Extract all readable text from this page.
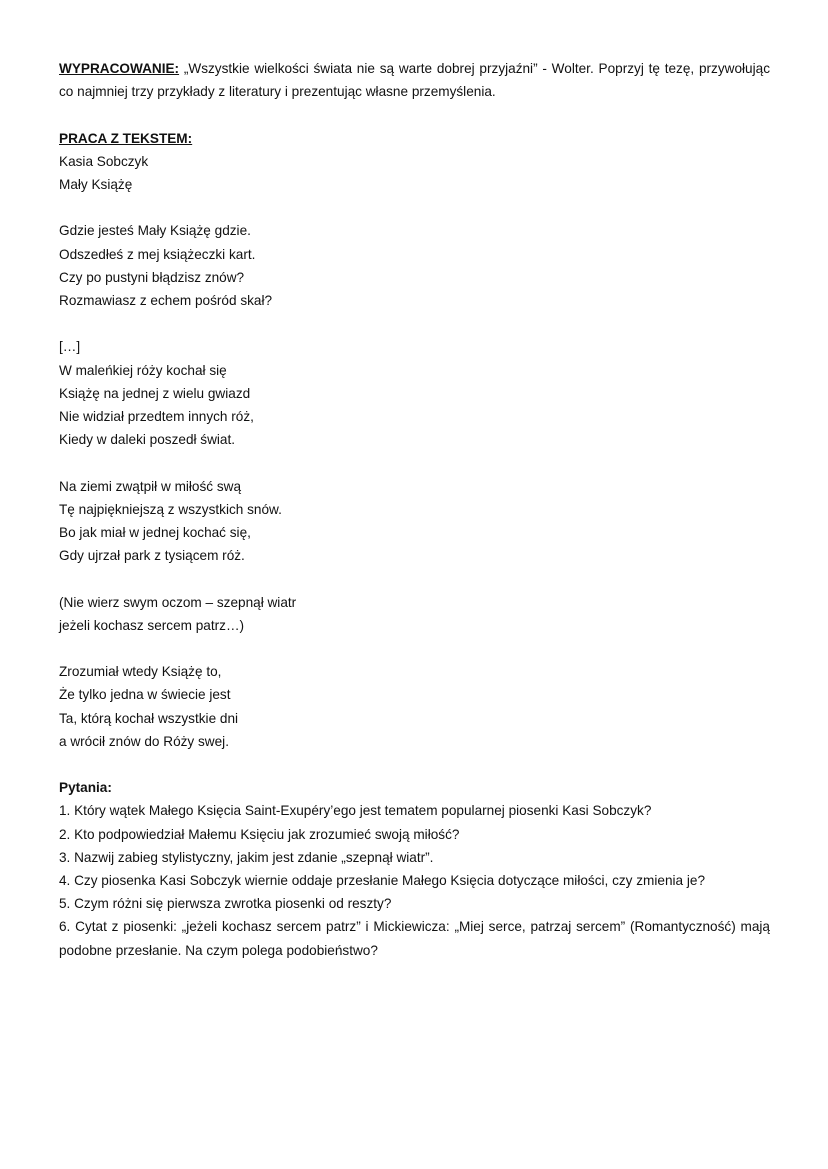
WYPRACOWANIE: „Wszystkie wielkości świata nie są warte dobrej przyjaźni” - Wolter. Poprzyj tę tezę, przywołując co najmniej trzy przykłady z literatury i prezentując własne przemyślenia.

PRACA Z TEKSTEM:
Kasia Sobczyk
Mały Książę
Gdzie jesteś Mały Książę gdzie.
Odszedłeś z mej książeczki kart.
Czy po pustyni błądzisz znów?
Rozmawiasz z echem pośród skał?
[…]
W maleńkiej róży kochał się
Książę na jednej z wielu gwiazd
Nie widział przedtem innych róż,
Kiedy w daleki poszedł świat.
Na ziemi zwątpił w miłość swą
Tę najpiękniejszą z wszystkich snów.
Bo jak miał w jednej kochać się,
Gdy ujrzał park z tysiącem róż.
(Nie wierz swym oczom – szepnął wiatr
jeżeli kochasz sercem patrz…)
Zrozumiał wtedy Książę to,
Że tylko jedna w świecie jest
Ta, którą kochał wszystkie dni
a wrócił znów do Róży swej.
Pytania:
1. Który wątek Małego Księcia Saint-Exupéry’ego jest tematem popularnej piosenki Kasi Sobczyk?
2. Kto podpowiedział Małemu Księciu jak zrozumieć swoją miłość?
3. Nazwij zabieg stylistyczny, jakim jest zdanie „szepnął wiatr”.
4. Czy piosenka Kasi Sobczyk wiernie oddaje przesłanie Małego Księcia dotyczące miłości, czy zmienia je?
5. Czym różni się pierwsza zwrotka piosenki od reszty?

6. Cytat z piosenki: „jeżeli kochasz sercem patrz” i Mickiewicza: „Miej serce, patrzaj sercem” (Romantyczność) mają podobne przesłanie. Na czym polega podobieństwo?
